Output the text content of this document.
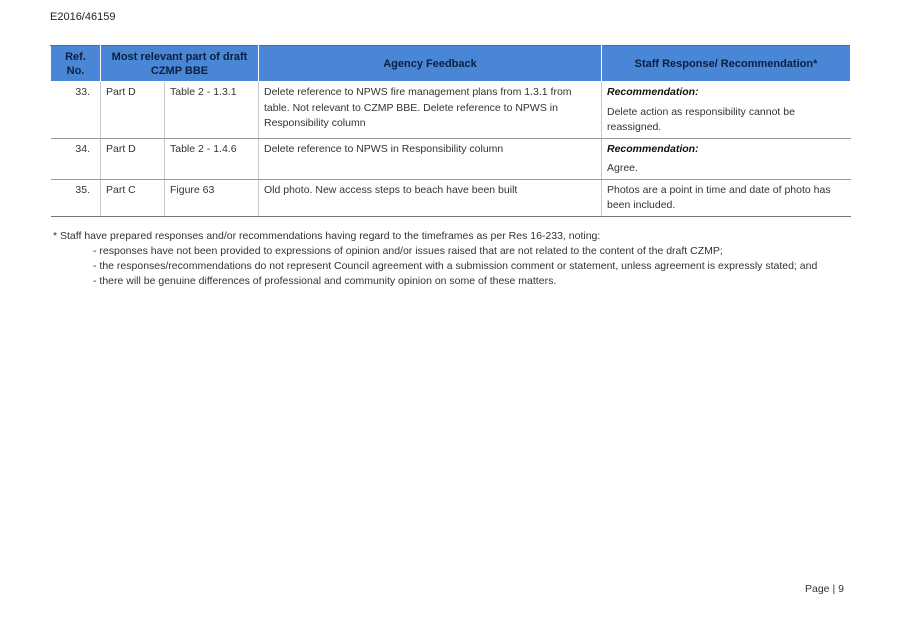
E2016/46159
Ref. No.	Most relevant part of draft CZMP BBE		Agency Feedback	Staff Response/ Recommendation*
33.	Part D	Table 2 - 1.3.1	Delete reference to NPWS fire management plans from 1.3.1 from table. Not relevant to CZMP BBE. Delete reference to NPWS in Responsibility column	Recommendation:
Delete action as responsibility cannot be reassigned.

34.	Part D	Table 2 - 1.4.6	Delete reference to NPWS in Responsibility column	Recommendation:
Agree.

35.	Part C	Figure 63	Old photo. New access steps to beach have been built	Photos are a point in time and date of photo has been included.
* Staff have prepared responses and/or recommendations having regard to the timeframes as per Res 16-233, noting:
- responses have not been provided to expressions of opinion and/or issues raised that are not related to the content of the draft CZMP;
- the responses/recommendations do not represent Council agreement with a submission comment or statement, unless agreement is expressly stated; and
- there will be genuine differences of professional and community opinion on some of these matters.
Page | 9
